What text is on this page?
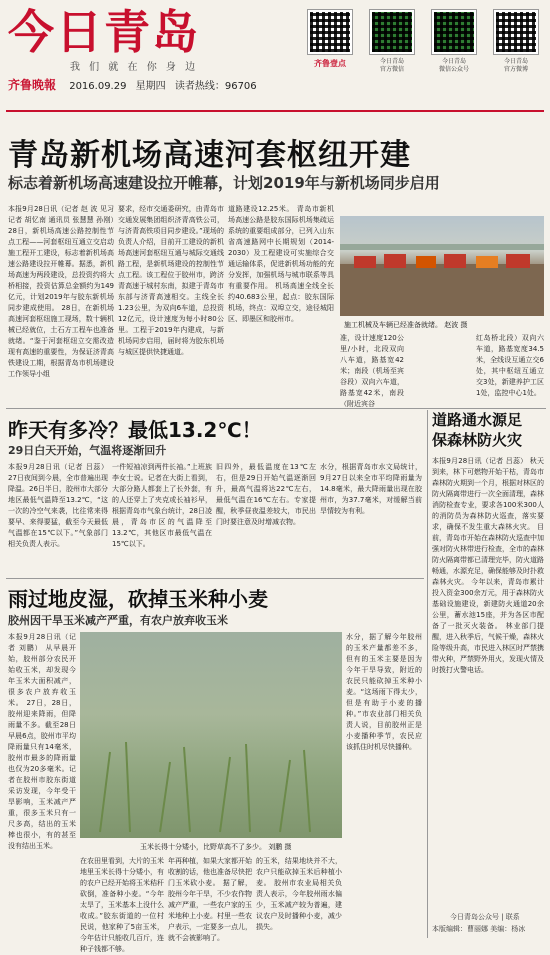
今日青岛
我 们 就 在 你 身 边
齐鲁晚報 2016.09.29 星期四 读者热线：96706
齐鲁壹点	今日青岛
官方微信
今日青岛
微信公众号
今日青岛
官方微博
青岛新机场高速河套枢纽开建
标志着新机场高速建设拉开帷幕，计划2019年与新机场同步启用
本报9月28日讯（记者 赵 波 见习记者 胡忆南 通讯员 张慧慧 孙刚）28日，新机场高速公路控制性节点工程——河套枢纽互通立交启动施工程开工建设，标志着新机场高速公路建设拉开帷幕。据悉，新机场高速为两段建设，总投资约将大桥相接，投资估算总金额约为149亿元，计划2019年与胶东新机场同步建成使用。 28日，在新机场高速河套枢纽施工现场，数十辆机械已经就位，土石方工程车也准备就绪。“鉴于河套枢纽立交需改造现有高速的重要性，为保证济青高铁建设工期，根据青岛市机场建设工作领导小组
要求，经市交通委研究，由青岛市交通发展集团组织济青高铁公司，与济青高铁项目同步建设。”现场的负责人介绍，目前开工建设的新机场高速河套枢纽互通与城际交通线路工程，是新机场建设的控制性节点工程。该工程位于胶州市，跨济青高速于城村东南，拟建于青岛市东部与济青高速相交。主线全长1.23公里，为双向6车道，总投资12亿元，设计速度为每小时80公里。工程于2019年内建成，与新机场同步启用，届时将为胶东机场与城区提供快捷通道。
道路建设12.25米。 青岛市新机场高速公路是胶东国际机场集疏运系统的重要组成部分，已列入山东省高速路网中长期规划（2014-2030）及工程建设可实施综合交通运输体系，促进新机场功能的充分发挥，加强机场与城市联系等具有重要作用。 机场高速全线全长约40.683公里，起点：胶东国际机场，终点：双埠立交，途径城阳区、即墨区和胶州市。
施工机械及车辆已经准备就绪。 赵波 摄
准，设计速度120公里/小时，北段双向八车道，路基宽42米；南段（机场至宾谷段）双向六车道，路基宽42米，南段（附近宾谷
红岛桥北段）双向六车道，路基宽度34.5米，全线设互通立交6处，其中枢纽互通立交3处，新建养护工区1处，监控中心1处。
昨天有多冷？最低13.2℃！
29日白天开始，气温将逐渐回升
本报9月28日讯（记者 吕蕊）27日夜间到今晨，全市普遍出现降温。26日半日，胶州市大部分地区最低气温降至13.2℃，“这一次的冷空气来袭，比往常来得要早、来得要猛，截至今天最低气温都在15℃以下。”气象部门相关负责人表示。
一件短袖凉到两件长袖。”上班族李女士说。记者在大街上看到，大部分路人都套上了长外套，有的人还穿上了夹克或长袖衫早，根据青岛市气象台统计，28日凌晨，青岛市区的气温降至13.2℃，其他区市最低气温在15℃以下。
旧四外，最低温度在13℃左右，但是29日开始气温逐渐回升，最高气温将达22℃左右，最低气温在16℃左右。专家提醒，秋季昼夜温差较大，市民出门时要注意及时增减衣物。
水分，根据青岛市水文局统计，9月27日以来全市平均降雨量为14.8毫米，最大降雨量出现在胶州市，为37.7毫米，对缓解当前旱情较为有利。
道路通水源足
保森林防火灾
本报9月28日讯（记者 吕蕊） 秋天到来，林下可燃物开始干枯，青岛市森林防火期到一个月，根据对林区的防火隔离带进行一次全面清理，森林消防检查专业，要求各100米300人的消防员为森林防火巡查，落实要求，确保不发生重大森林火灾。 目前，青岛市开始在森林防火巡查中加强对防火林带进行检查，全市的森林防火隔离带都已清理完毕，防火道路畅通，水源充足，确保能够及时扑救森林火灾。 今年以来，青岛市累计投入资金300余万元，用于森林防火基础设施建设，新建防火通道20余公里，蓄水池15座，并为各区市配备了一批灭火装备。 林业部门提醒，进入秋季后，气候干燥，森林火险等级升高，市民进入林区时严禁携带火种，严禁野外用火，发现火情及时拨打火警电话。
今日青岛公众号 | 联系
本版编辑：曹丽娜 美编：杨冰
雨过地皮湿，砍掉玉米种小麦
胶州因干旱玉米减产严重，有农户放弃收玉米
本报9月28日讯（记者 刘鹏） 从早晨开始，胶州部分农民开始收玉米，却发现今年玉米大面积减产，很多农户放弃收玉米。 27日，28日，胶州迎来降雨，但降雨量不多。截至28日早晨6点，胶州市平均降雨量只有14毫米，胶州市最多的降雨量也仅为20多毫米。记者在胶州市胶东街道采访发现，今年受干旱影响，玉米减产严重，很多玉米只有一尺多高，结出的玉米棒也很小，有的甚至没有结出玉米。	玉米长得十分矮小，比野草高不了多少。 刘鹏 摄
在农田里看到，大片的玉米地里玉米长得十分矮小，有的农户已经开始将玉米秸秆砍倒，准备种小麦。“今年太旱了，玉米基本上没什么收成。”胶东街道的一位村民说，他家种了5亩玉米，今年估计只能收几百斤，连种子钱都不够。
年再种植，如果大家都开始收割的话，他也准备尽快把门玉米砍小麦。 据了解，胶州今年干旱，不少农作物减产严重，一些农户家的玉米地种上小麦。村里一些农户表示，一定要多一点儿，就不会被影响了。
的玉米，结果地块并不大，农户只能砍掉玉米后种植小麦。 胶州市农业局相关负责人表示，今年胶州雨水偏少，玉米减产较为普遍，建议农户及时播种小麦，减少损失。
水分，据了解今年胶州的玉米产量都差不多，但有的玉米主要是因为今年干旱导致，附近的农民只能砍掉玉米种小麦。“这场雨下得太少，但是有助于小麦的播种。”市农业部门相关负责人说，目前胶州正是小麦播种季节，农民应该抓住时机尽快播种。
